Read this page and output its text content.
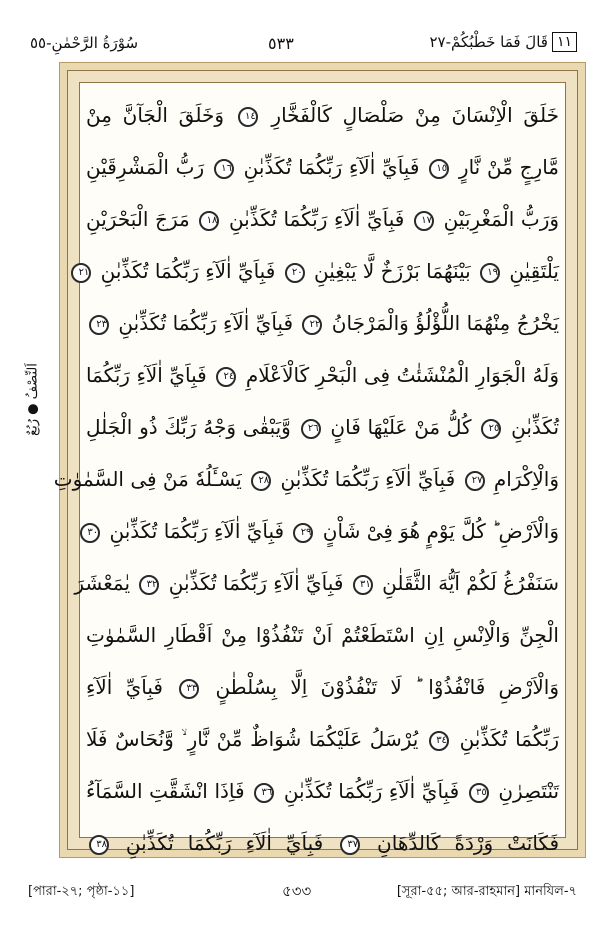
سُوْرَةُ الرَّحْمٰنِ-٥٥	٥٣٣	قَالَ فَمَا خَطْبُكُمْ-٢٧ ١١
اَلنِّصْفُ ● رُبُعٌ
خَلَقَ الْاِنْسَانَ مِنْ صَلْصَالٍ كَالْفَخَّارِ ١٤ وَخَلَقَ الْجَآنَّ مِنْ
مَّارِجٍ مِّنْ نَّارٍ ١٥ فَبِاَيِّ اٰلَآءِ رَبِّكُمَا تُكَذِّبٰنِ ١٦ رَبُّ الْمَشْرِقَيْنِ
وَرَبُّ الْمَغْرِبَيْنِ ١٧ فَبِاَيِّ اٰلَآءِ رَبِّكُمَا تُكَذِّبٰنِ ١٨ مَرَجَ الْبَحْرَيْنِ
يَلْتَقِيٰنِ ١٩ بَيْنَهُمَا بَرْزَخٌ لَّا يَبْغِيٰنِ ٢٠ فَبِاَيِّ اٰلَآءِ رَبِّكُمَا تُكَذِّبٰنِ ٢١
يَخْرُجُ مِنْهُمَا اللُّؤْلُؤُ وَالْمَرْجَانُ ٢٢ فَبِاَيِّ اٰلَآءِ رَبِّكُمَا تُكَذِّبٰنِ ٢٣
وَلَهُ الْجَوَارِ الْمُنْشَئٰتُ فِى الْبَحْرِ كَالْاَعْلَامِ ٢٤ فَبِاَيِّ اٰلَآءِ رَبِّكُمَا
تُكَذِّبٰنِ ٢٥ كُلُّ مَنْ عَلَيْهَا فَانٍ ٢٦ وَّيَبْقٰى وَجْهُ رَبِّكَ ذُو الْجَلٰلِ
وَالْاِكْرَامِ ٢٧ فَبِاَيِّ اٰلَآءِ رَبِّكُمَا تُكَذِّبٰنِ ٢٨ يَسْـَٔلُهٗ مَنْ فِى السَّمٰوٰتِ
وَالْاَرْضِ ؕ كُلَّ يَوْمٍ هُوَ فِىْ شَاْنٍ ٢٩ فَبِاَيِّ اٰلَآءِ رَبِّكُمَا تُكَذِّبٰنِ ٣٠
سَنَفْرُغُ لَكُمْ اَيُّهَ الثَّقَلٰنِ ٣١ فَبِاَيِّ اٰلَآءِ رَبِّكُمَا تُكَذِّبٰنِ ٣٢ يٰمَعْشَرَ
الْجِنِّ وَالْاِنْسِ اِنِ اسْتَطَعْتُمْ اَنْ تَنْفُذُوْا مِنْ اَقْطَارِ السَّمٰوٰتِ
وَالْاَرْضِ فَانْفُذُوْا ؕ لَا تَنْفُذُوْنَ اِلَّا بِسُلْطٰنٍ ٣٣ فَبِاَيِّ اٰلَآءِ
رَبِّكُمَا تُكَذِّبٰنِ ٣٤ يُرْسَلُ عَلَيْكُمَا شُوَاظٌ مِّنْ نَّارٍ ۙ وَّنُحَاسٌ فَلَا
تَنْتَصِرٰنِ ٣٥ فَبِاَيِّ اٰلَآءِ رَبِّكُمَا تُكَذِّبٰنِ ٣٦ فَاِذَا انْشَقَّتِ السَّمَآءُ
فَكَانَتْ وَرْدَةً كَالدِّهَانِ ٣٧ فَبِاَيِّ اٰلَآءِ رَبِّكُمَا تُكَذِّبٰنِ ٣٨
[পারা-২৭; পৃষ্ঠা-১১]	৫৩৩	[সূরা-৫৫; আর-রাহমান] মানযিল-৭
